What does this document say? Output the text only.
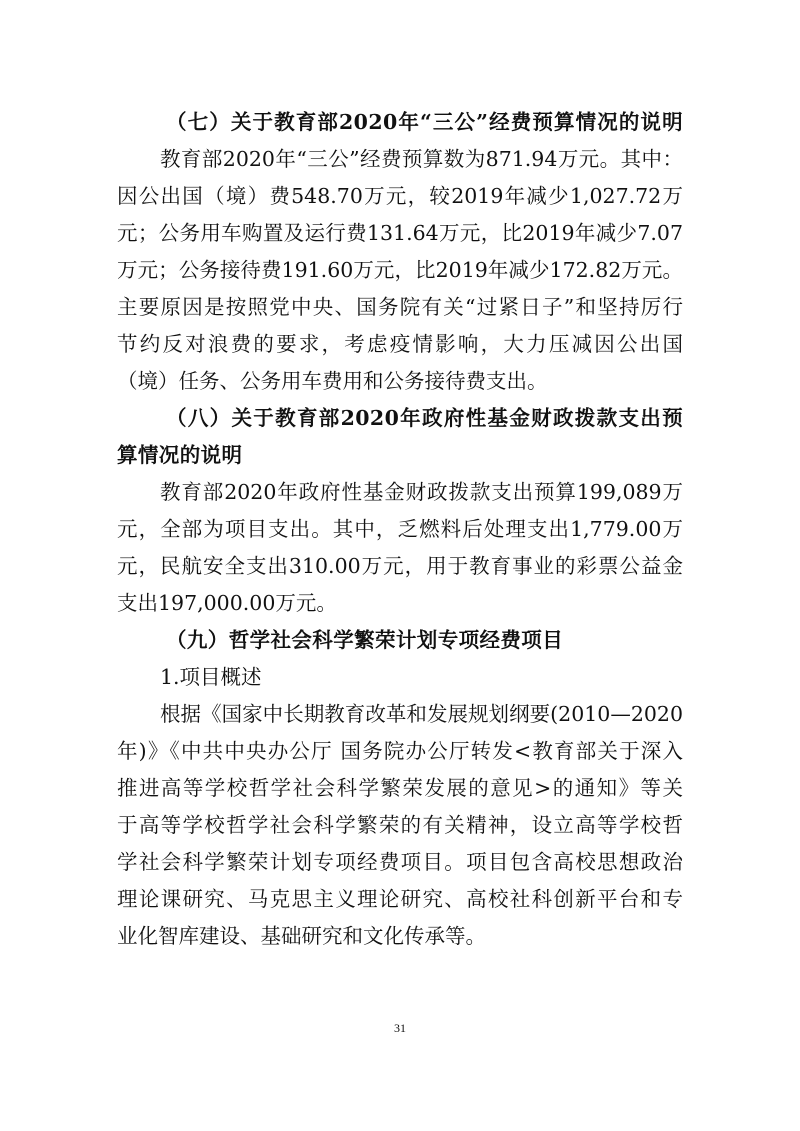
（七）关于教育部2020年“三公”经费预算情况的说明
教育部2020年“三公”经费预算数为871.94万元。其中：
因公出国（境）费548.70万元，较2019年减少1,027.72万
元；公务用车购置及运行费131.64万元，比2019年减少7.07
万元；公务接待费191.60万元，比2019年减少172.82万元。
主要原因是按照党中央、国务院有关“过紧日子”和坚持厉行
节约反对浪费的要求，考虑疫情影响，大力压减因公出国
（境）任务、公务用车费用和公务接待费支出。
（八）关于教育部2020年政府性基金财政拨款支出预
算情况的说明
教育部2020年政府性基金财政拨款支出预算199,089万
元，全部为项目支出。其中，乏燃料后处理支出1,779.00万
元，民航安全支出310.00万元，用于教育事业的彩票公益金
支出197,000.00万元。
（九）哲学社会科学繁荣计划专项经费项目
1.项目概述
根据《国家中长期教育改革和发展规划纲要(2010—2020
年)》《中共中央办公厅 国务院办公厅转发<教育部关于深入
推进高等学校哲学社会科学繁荣发展的意见>的通知》等关
于高等学校哲学社会科学繁荣的有关精神，设立高等学校哲
学社会科学繁荣计划专项经费项目。项目包含高校思想政治
理论课研究、马克思主义理论研究、高校社科创新平台和专
业化智库建设、基础研究和文化传承等。
31
